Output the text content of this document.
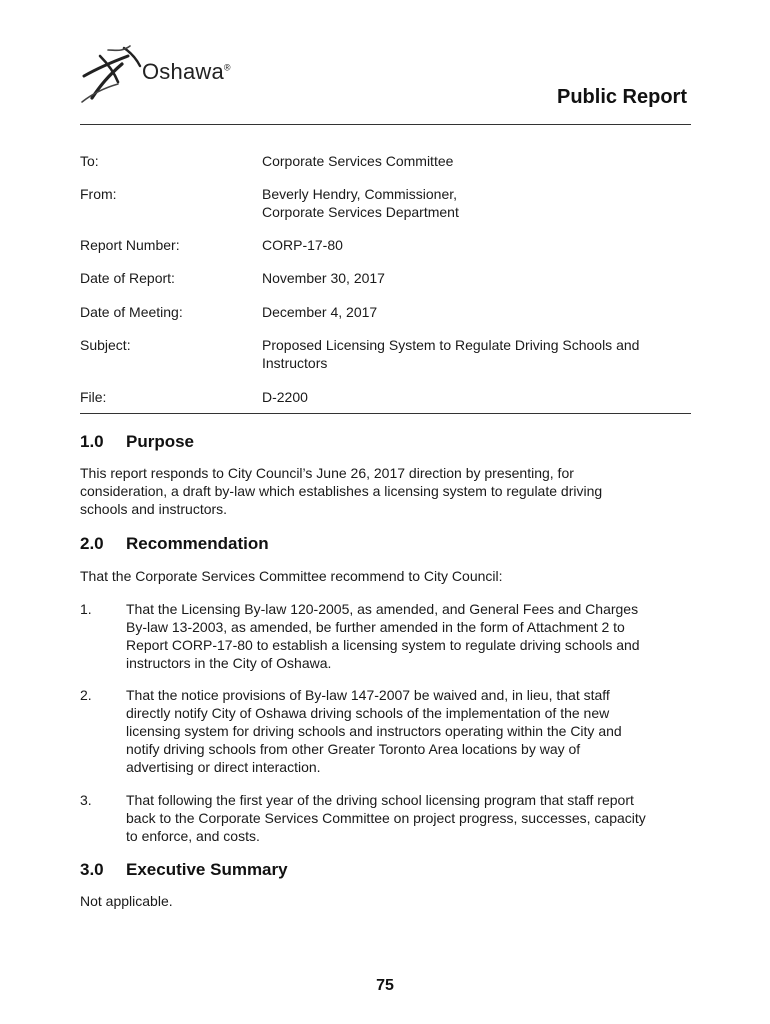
Oshawa®
Public Report
To:	Corporate Services Committee
From:	Beverly Hendry, Commissioner,
Corporate Services Department
Report Number:	CORP-17-80
Date of Report:	November 30, 2017
Date of Meeting:	December 4, 2017
Subject:	Proposed Licensing System to Regulate Driving Schools and
Instructors
File:	D-2200
1.0 Purpose
This report responds to City Council’s June 26, 2017 direction by presenting, for
consideration, a draft by-law which establishes a licensing system to regulate driving
schools and instructors.
2.0 Recommendation
That the Corporate Services Committee recommend to City Council:
1. That the Licensing By-law 120-2005, as amended, and General Fees and Charges
By-law 13-2003, as amended, be further amended in the form of Attachment 2 to
Report CORP-17-80 to establish a licensing system to regulate driving schools and
instructors in the City of Oshawa.
2. That the notice provisions of By-law 147-2007 be waived and, in lieu, that staff
directly notify City of Oshawa driving schools of the implementation of the new
licensing system for driving schools and instructors operating within the City and
notify driving schools from other Greater Toronto Area locations by way of
advertising or direct interaction.
3. That following the first year of the driving school licensing program that staff report
back to the Corporate Services Committee on project progress, successes, capacity
to enforce, and costs.
3.0 Executive Summary
Not applicable.
75
